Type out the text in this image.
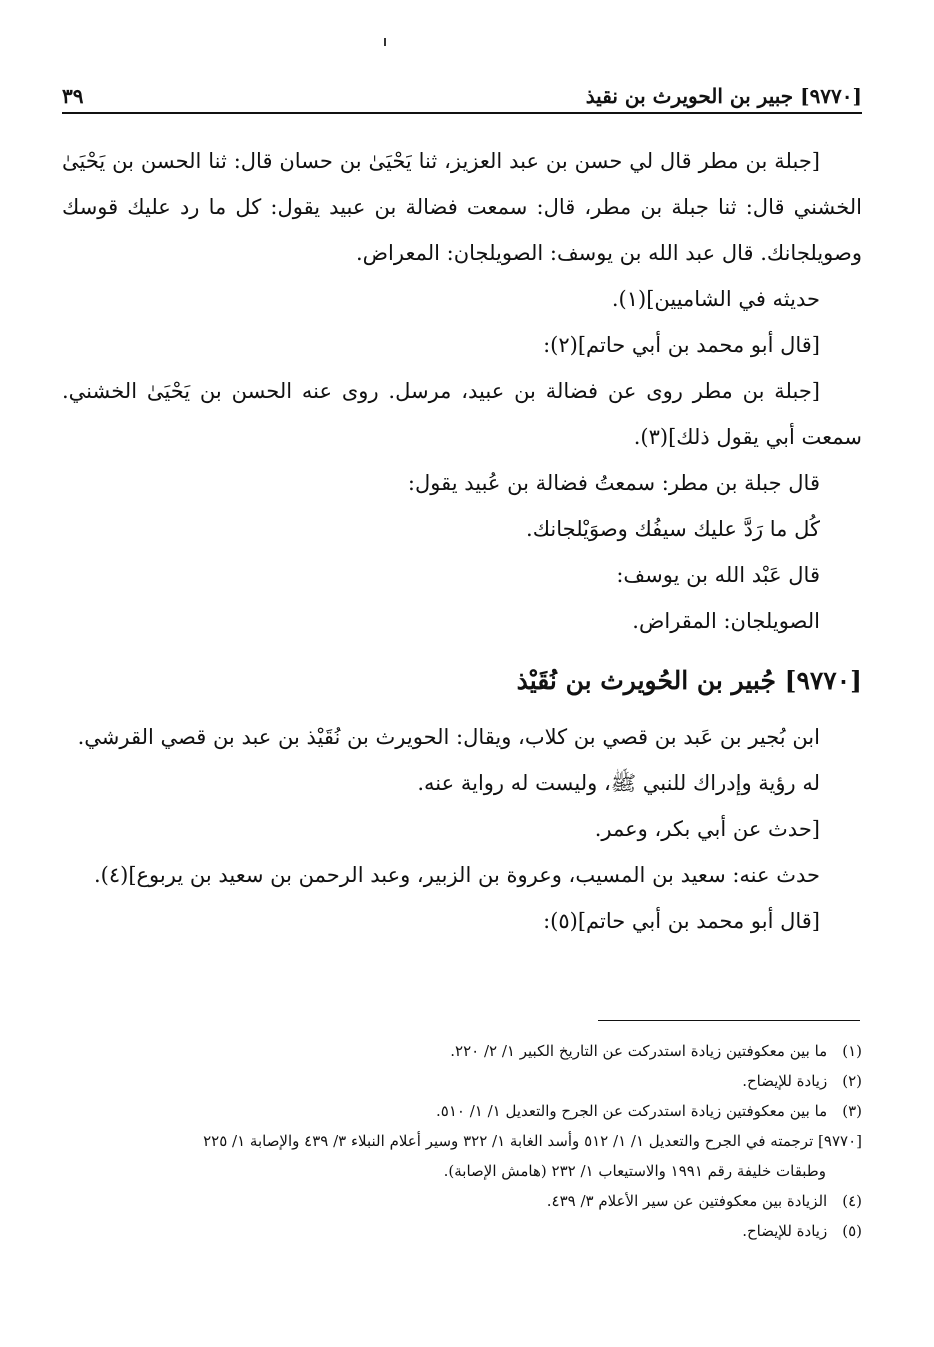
[٩٧٧٠] جبير بن الحويرث بن نقيذ
٣٩

[جبلة بن مطر قال لي حسن بن عبد العزيز، ثنا يَحْيَىٰ بن حسان قال: ثنا الحسن بن يَحْيَىٰ الخشني قال: ثنا جبلة بن مطر، قال: سمعت فضالة بن عبيد يقول: كل ما رد عليك قوسك وصويلجانك. قال عبد الله بن يوسف: الصويلجان: المعراض.

حديثه في الشاميين](١).

[قال أبو محمد بن أبي حاتم](٢):

[جبلة بن مطر روى عن فضالة بن عبيد، مرسل. روى عنه الحسن بن يَحْيَىٰ الخشني. سمعت أبي يقول ذلك](٣).

قال جبلة بن مطر: سمعتُ فضالة بن عُبيد يقول:

كُل ما رَدَّ عليك سيفُك وصوَيْلجانك.

قال عَبْد الله بن يوسف:

الصويلجان: المقراض.

[٩٧٧٠] جُبير بن الحُويرث بن نُقَيْذ

ابن بُجير بن عَبد بن قصي بن كلاب، ويقال: الحويرث بن نُقَيْذ بن عبد بن قصي القرشي.

له رؤية وإدراك للنبي ﷺ، وليست له رواية عنه.

[حدث عن أبي بكر، وعمر.

حدث عنه: سعيد بن المسيب، وعروة بن الزبير، وعبد الرحمن بن سعيد بن يربوع](٤).

[قال أبو محمد بن أبي حاتم](٥):

(١) ما بين معكوفتين زيادة استدركت عن التاريخ الكبير ١/ ٢/ ٢٢٠.

(٢) زيادة للإيضاح.

(٣) ما بين معكوفتين زيادة استدركت عن الجرح والتعديل ١/ ١/ ٥١٠.

[٩٧٧٠] ترجمته في الجرح والتعديل ١/ ١/ ٥١٢ وأسد الغابة ١/ ٣٢٢ وسير أعلام النبلاء ٣/ ٤٣٩ والإصابة ١/ ٢٢٥

وطبقات خليفة رقم ١٩٩١ والاستيعاب ١/ ٢٣٢ (هامش الإصابة).

(٤) الزيادة بين معكوفتين عن سير الأعلام ٣/ ٤٣٩.

(٥) زيادة للإيضاح.
